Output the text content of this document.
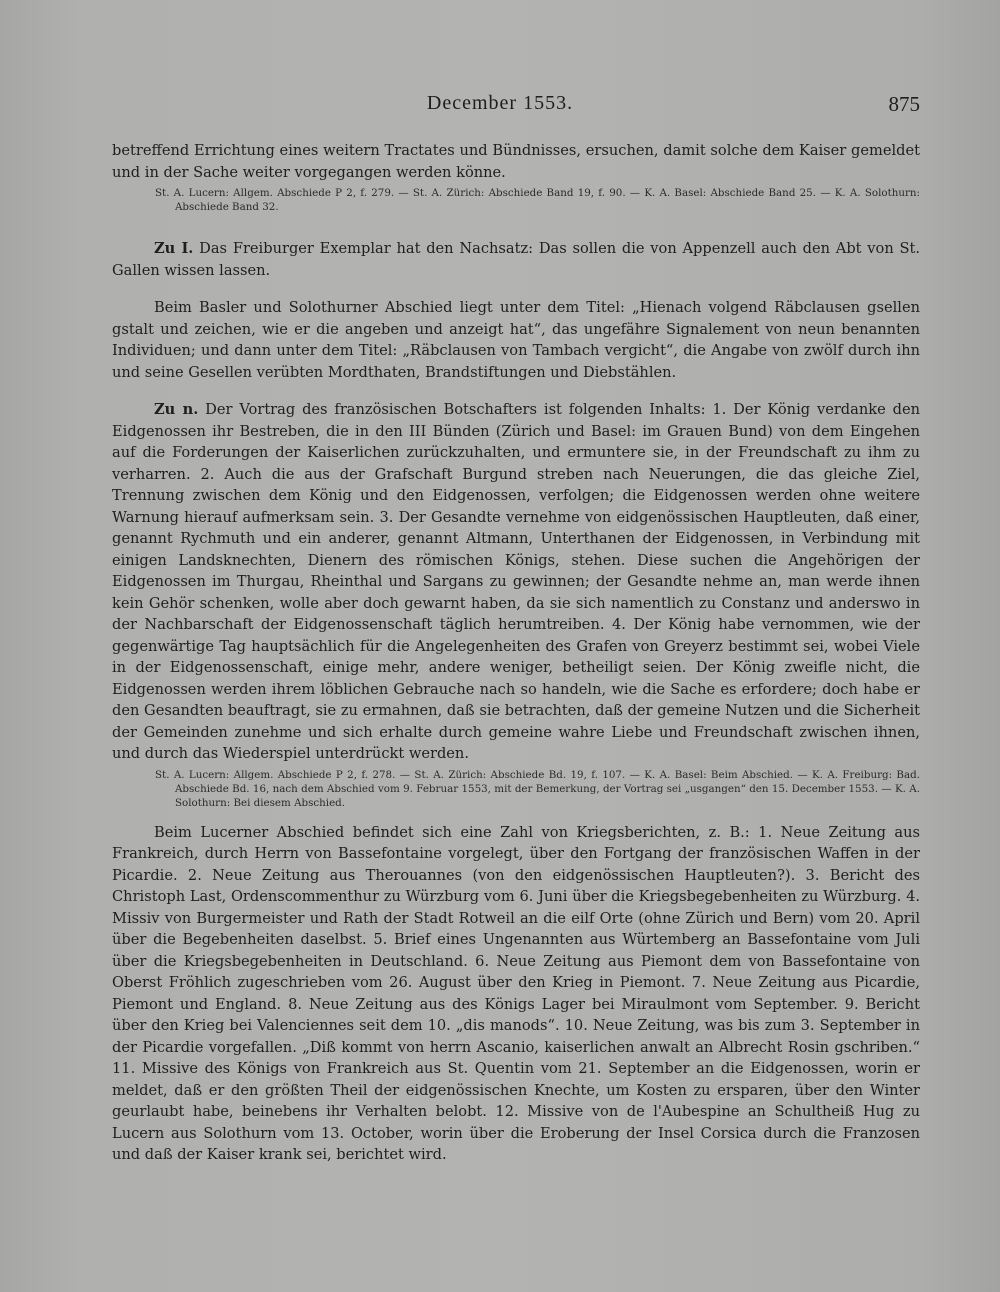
December 1553.	875

betreffend Errichtung eines weitern Tractates und Bündnisses, ersuchen, damit solche dem Kaiser gemeldet und in der Sache weiter vorgegangen werden könne.

St. A. Lucern: Allgem. Abschiede P 2, f. 279. — St. A. Zürich: Abschiede Band 19, f. 90. — K. A. Basel: Abschiede Band 25. — K. A. Solothurn: Abschiede Band 32.

Zu I. Das Freiburger Exemplar hat den Nachsatz: Das sollen die von Appenzell auch den Abt von St. Gallen wissen lassen.

Beim Basler und Solothurner Abschied liegt unter dem Titel: „Hienach volgend Räbclausen gsellen gstalt und zeichen, wie er die angeben und anzeigt hat“, das ungefähre Signalement von neun benannten Individuen; und dann unter dem Titel: „Räbclausen von Tambach vergicht“, die Angabe von zwölf durch ihn und seine Gesellen verübten Mordthaten, Brandstiftungen und Diebstählen.

Zu n. Der Vortrag des französischen Botschafters ist folgenden Inhalts: 1. Der König verdanke den Eidgenossen ihr Bestreben, die in den III Bünden (Zürich und Basel: im Grauen Bund) von dem Eingehen auf die Forderungen der Kaiserlichen zurückzuhalten, und ermuntere sie, in der Freundschaft zu ihm zu verharren. 2. Auch die aus der Grafschaft Burgund streben nach Neuerungen, die das gleiche Ziel, Trennung zwischen dem König und den Eidgenossen, verfolgen; die Eidgenossen werden ohne weitere Warnung hierauf aufmerksam sein. 3. Der Gesandte vernehme von eidgenössischen Hauptleuten, daß einer, genannt Rychmuth und ein anderer, genannt Altmann, Unterthanen der Eidgenossen, in Verbindung mit einigen Landsknechten, Dienern des römischen Königs, stehen. Diese suchen die Angehörigen der Eidgenossen im Thurgau, Rheinthal und Sargans zu gewinnen; der Gesandte nehme an, man werde ihnen kein Gehör schenken, wolle aber doch gewarnt haben, da sie sich namentlich zu Constanz und anderswo in der Nachbarschaft der Eidgenossenschaft täglich herumtreiben. 4. Der König habe vernommen, wie der gegenwärtige Tag hauptsächlich für die Angelegenheiten des Grafen von Greyerz bestimmt sei, wobei Viele in der Eidgenossenschaft, einige mehr, andere weniger, betheiligt seien. Der König zweifle nicht, die Eidgenossen werden ihrem löblichen Gebrauche nach so handeln, wie die Sache es erfordere; doch habe er den Gesandten beauftragt, sie zu ermahnen, daß sie betrachten, daß der gemeine Nutzen und die Sicherheit der Gemeinden zunehme und sich erhalte durch gemeine wahre Liebe und Freundschaft zwischen ihnen, und durch das Wiederspiel unterdrückt werden.

St. A. Lucern: Allgem. Abschiede P 2, f. 278. — St. A. Zürich: Abschiede Bd. 19, f. 107. — K. A. Basel: Beim Abschied. — K. A. Freiburg: Bad. Abschiede Bd. 16, nach dem Abschied vom 9. Februar 1553, mit der Bemerkung, der Vortrag sei „usgangen“ den 15. December 1553. — K. A. Solothurn: Bei diesem Abschied.

Beim Lucerner Abschied befindet sich eine Zahl von Kriegsberichten, z. B.: 1. Neue Zeitung aus Frankreich, durch Herrn von Bassefontaine vorgelegt, über den Fortgang der französischen Waffen in der Picardie. 2. Neue Zeitung aus Therouannes (von den eidgenössischen Hauptleuten?). 3. Bericht des Christoph Last, Ordenscommenthur zu Würzburg vom 6. Juni über die Kriegsbegebenheiten zu Würzburg. 4. Missiv von Burgermeister und Rath der Stadt Rotweil an die eilf Orte (ohne Zürich und Bern) vom 20. April über die Begebenheiten daselbst. 5. Brief eines Ungenannten aus Würtemberg an Bassefontaine vom Juli über die Kriegsbegebenheiten in Deutschland. 6. Neue Zeitung aus Piemont dem von Bassefontaine von Oberst Fröhlich zugeschrieben vom 26. August über den Krieg in Piemont. 7. Neue Zeitung aus Picardie, Piemont und England. 8. Neue Zeitung aus des Königs Lager bei Miraulmont vom September. 9. Bericht über den Krieg bei Valenciennes seit dem 10. „dis manods“. 10. Neue Zeitung, was bis zum 3. September in der Picardie vorgefallen. „Diß kommt von herrn Ascanio, kaiserlichen anwalt an Albrecht Rosin gschriben.“ 11. Missive des Königs von Frankreich aus St. Quentin vom 21. September an die Eidgenossen, worin er meldet, daß er den größten Theil der eidgenössischen Knechte, um Kosten zu ersparen, über den Winter geurlaubt habe, beinebens ihr Verhalten belobt. 12. Missive von de l'Aubespine an Schultheiß Hug zu Lucern aus Solothurn vom 13. October, worin über die Eroberung der Insel Corsica durch die Franzosen und daß der Kaiser krank sei, berichtet wird.
